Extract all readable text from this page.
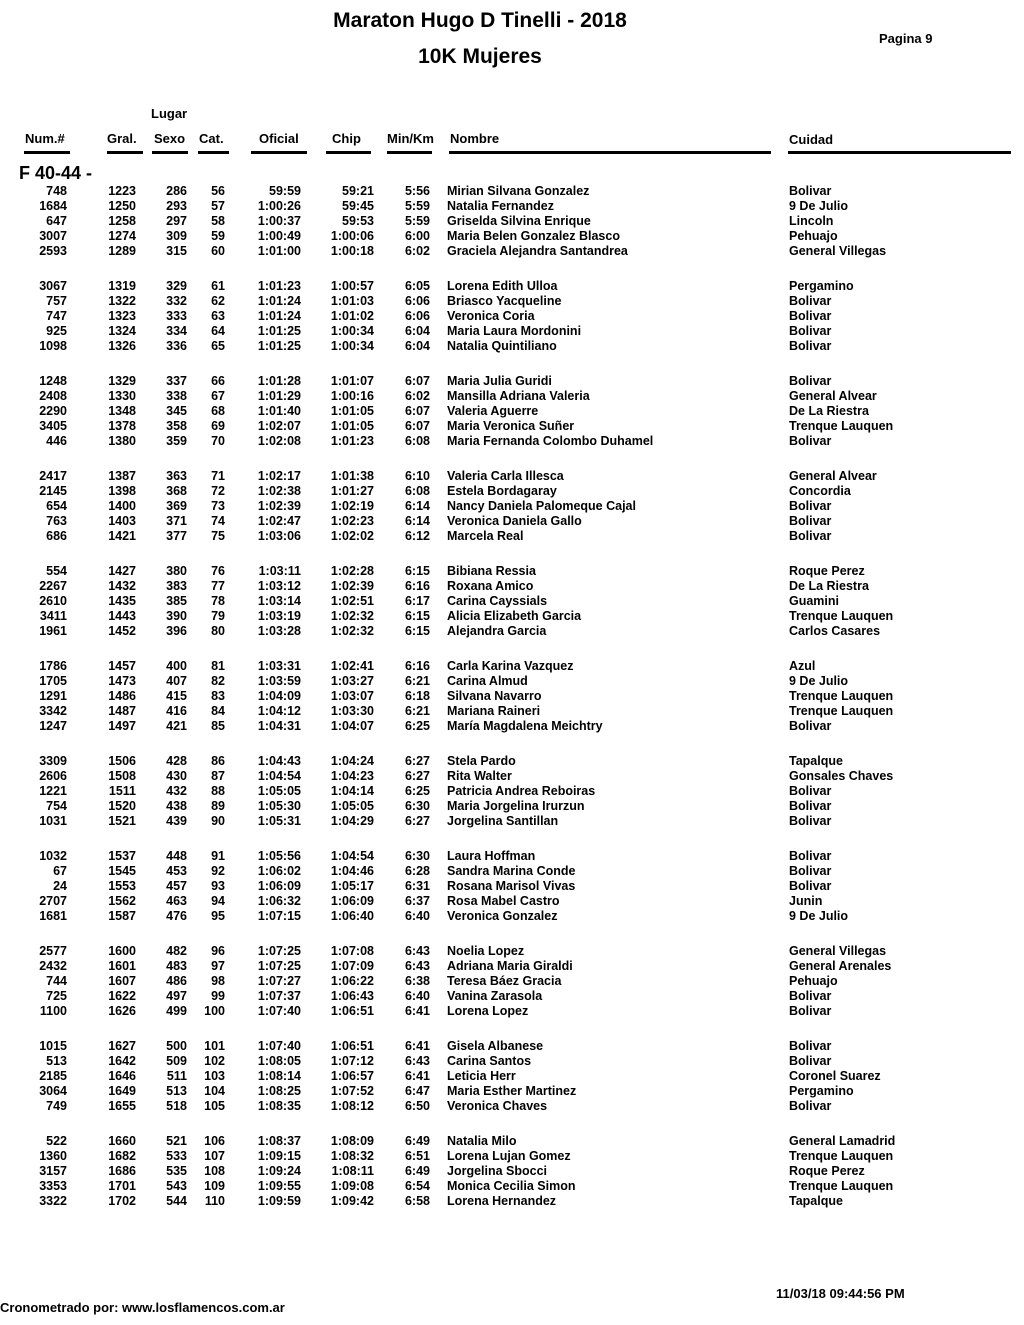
Maraton Hugo D Tinelli - 2018
10K Mujeres
Pagina 9
Lugar
Num.#	Gral. Sexo Cat.	Oficial	Chip Min/Km Nombre	Cuidad
F 40-44 -
748	1223 286 56	59:59	59:21 5:56 Mirian Silvana Gonzalez	Bolivar
1684	1250 293 57	1:00:26	59:45 5:59 Natalia Fernandez	9 De Julio
647	1258 297 58	1:00:37	59:53 5:59 Griselda Silvina Enrique	Lincoln
3007	1274 309 59	1:00:49 1:00:06 6:00 Maria Belen Gonzalez Blasco	Pehuajo
2593	1289 315 60	1:01:00 1:00:18 6:02 Graciela Alejandra Santandrea	General Villegas
3067	1319 329 61	1:01:23 1:00:57 6:05 Lorena Edith Ulloa	Pergamino
757	1322 332 62	1:01:24 1:01:03 6:06 Briasco Yacqueline	Bolivar
747	1323 333 63	1:01:24 1:01:02 6:06 Veronica Coria	Bolivar
925	1324 334 64	1:01:25 1:00:34 6:04 Maria Laura Mordonini	Bolivar
1098	1326 336 65	1:01:25 1:00:34 6:04 Natalia Quintiliano	Bolivar
1248	1329 337 66	1:01:28 1:01:07 6:07 Maria Julia Guridi	Bolivar
2408	1330 338 67	1:01:29 1:00:16 6:02 Mansilla Adriana Valeria	General Alvear
2290	1348 345 68	1:01:40 1:01:05 6:07 Valeria Aguerre	De La Riestra
3405	1378 358 69	1:02:07 1:01:05 6:07 Maria Veronica Suñer	Trenque Lauquen
446	1380 359 70	1:02:08 1:01:23 6:08 Maria Fernanda Colombo Duhamel	Bolivar
2417	1387 363 71	1:02:17 1:01:38 6:10 Valeria Carla Illesca	General Alvear
2145	1398 368 72	1:02:38 1:01:27 6:08 Estela Bordagaray	Concordia
654	1400 369 73	1:02:39 1:02:19 6:14 Nancy Daniela Palomeque Cajal	Bolivar
763	1403 371 74	1:02:47 1:02:23 6:14 Veronica Daniela Gallo	Bolivar
686	1421 377 75	1:03:06 1:02:02 6:12 Marcela Real	Bolivar
554	1427 380 76	1:03:11 1:02:28 6:15 Bibiana Ressia	Roque Perez
2267	1432 383 77	1:03:12 1:02:39 6:16 Roxana Amico	De La Riestra
2610	1435 385 78	1:03:14 1:02:51 6:17 Carina Cayssials	Guamini
3411	1443 390 79	1:03:19 1:02:32 6:15 Alicia Elizabeth Garcia	Trenque Lauquen
1961	1452 396 80	1:03:28 1:02:32 6:15 Alejandra Garcia	Carlos Casares
1786	1457 400 81	1:03:31 1:02:41 6:16 Carla Karina Vazquez	Azul
1705	1473 407 82	1:03:59 1:03:27 6:21 Carina Almud	9 De Julio
1291	1486 415 83	1:04:09 1:03:07 6:18 Silvana Navarro	Trenque Lauquen
3342	1487 416 84	1:04:12 1:03:30 6:21 Mariana Raineri	Trenque Lauquen
1247	1497 421 85	1:04:31 1:04:07 6:25 María Magdalena Meichtry	Bolivar
3309	1506 428 86	1:04:43 1:04:24 6:27 Stela Pardo	Tapalque
2606	1508 430 87	1:04:54 1:04:23 6:27 Rita Walter	Gonsales Chaves
1221	1511 432 88	1:05:05 1:04:14 6:25 Patricia Andrea Reboiras	Bolivar
754	1520 438 89	1:05:30 1:05:05 6:30 Maria Jorgelina Irurzun	Bolivar
1031	1521 439 90	1:05:31 1:04:29 6:27 Jorgelina Santillan	Bolivar
1032	1537 448 91	1:05:56 1:04:54 6:30 Laura Hoffman	Bolivar
67	1545 453 92	1:06:02 1:04:46 6:28 Sandra Marina Conde	Bolivar
24	1553 457 93	1:06:09 1:05:17 6:31 Rosana Marisol Vivas	Bolivar
2707	1562 463 94	1:06:32 1:06:09 6:37 Rosa Mabel Castro	Junin
1681	1587 476 95	1:07:15 1:06:40 6:40 Veronica Gonzalez	9 De Julio
2577	1600 482 96	1:07:25 1:07:08 6:43 Noelia Lopez	General Villegas
2432	1601 483 97	1:07:25 1:07:09 6:43 Adriana Maria Giraldi	General Arenales
744	1607 486 98	1:07:27 1:06:22 6:38 Teresa Báez Gracia	Pehuajo
725	1622 497 99	1:07:37 1:06:43 6:40 Vanina Zarasola	Bolivar
1100	1626 499 100	1:07:40 1:06:51 6:41 Lorena Lopez	Bolivar
1015	1627 500 101	1:07:40 1:06:51 6:41 Gisela Albanese	Bolivar
513	1642 509 102	1:08:05 1:07:12 6:43 Carina Santos	Bolivar
2185	1646 511 103	1:08:14 1:06:57 6:41 Leticia Herr	Coronel Suarez
3064	1649 513 104	1:08:25 1:07:52 6:47 Maria Esther Martinez	Pergamino
749	1655 518 105	1:08:35 1:08:12 6:50 Veronica Chaves	Bolivar
522	1660 521 106	1:08:37 1:08:09 6:49 Natalia Milo	General Lamadrid
1360	1682 533 107	1:09:15 1:08:32 6:51 Lorena Lujan Gomez	Trenque Lauquen
3157	1686 535 108	1:09:24 1:08:11 6:49 Jorgelina Sbocci	Roque Perez
3353	1701 543 109	1:09:55 1:09:08 6:54 Monica Cecilia Simon	Trenque Lauquen
3322	1702 544 110	1:09:59 1:09:42 6:58 Lorena Hernandez	Tapalque
11/03/18 09:44:56 PM
Cronometrado por: www.losflamencos.com.ar
